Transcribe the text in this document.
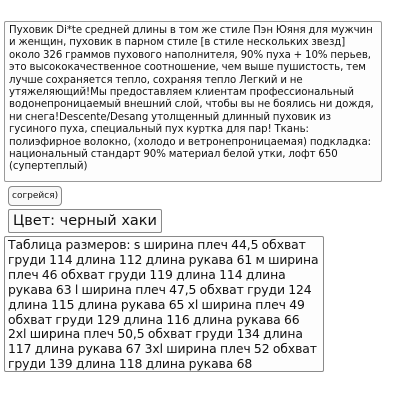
Пуховик Di*te средней длины в том же стиле Пэн Юяня для мужчин и женщин, пуховик в парном стиле [в стиле нескольких звезд] около 326 граммов пухового наполнителя, 90% пуха + 10% перьев, это высококачественное соотношение, чем выше пушистость, тем лучше сохраняется тепло, сохраняя тепло Легкий и не утяжеляющий!Мы предоставляем клиентам профессиональный водонепроницаемый внешний слой, чтобы вы не боялись ни дождя, ни снега!Descente/Desang утолщенный длинный пуховик из гусиного пуха, специальный пух куртка для пар! Ткань: полиэфирное волокно, (холодо и ветронепроницаемая) подкладка: национальный стандарт 90% материал белой утки, лофт 650 (супертеплый)

согрейся)
Цвет: черный хаки

Таблица размеров: s ширина плеч 44,5 обхват груди 114 длина 112 длина рукава 61 м ширина плеч 46 обхват груди 119 длина 114 длина рукава 63 l ширина плеч 47,5 обхват груди 124 длина 115 длина рукава 65 xl ширина плеч 49 обхват груди 129 длина 116 длина рукава 66 2xl ширина плеч 50,5 обхват груди 134 длина 117 длина рукава 67 3xl ширина плеч 52 обхват груди 139 длина 118 длина рукава 68
